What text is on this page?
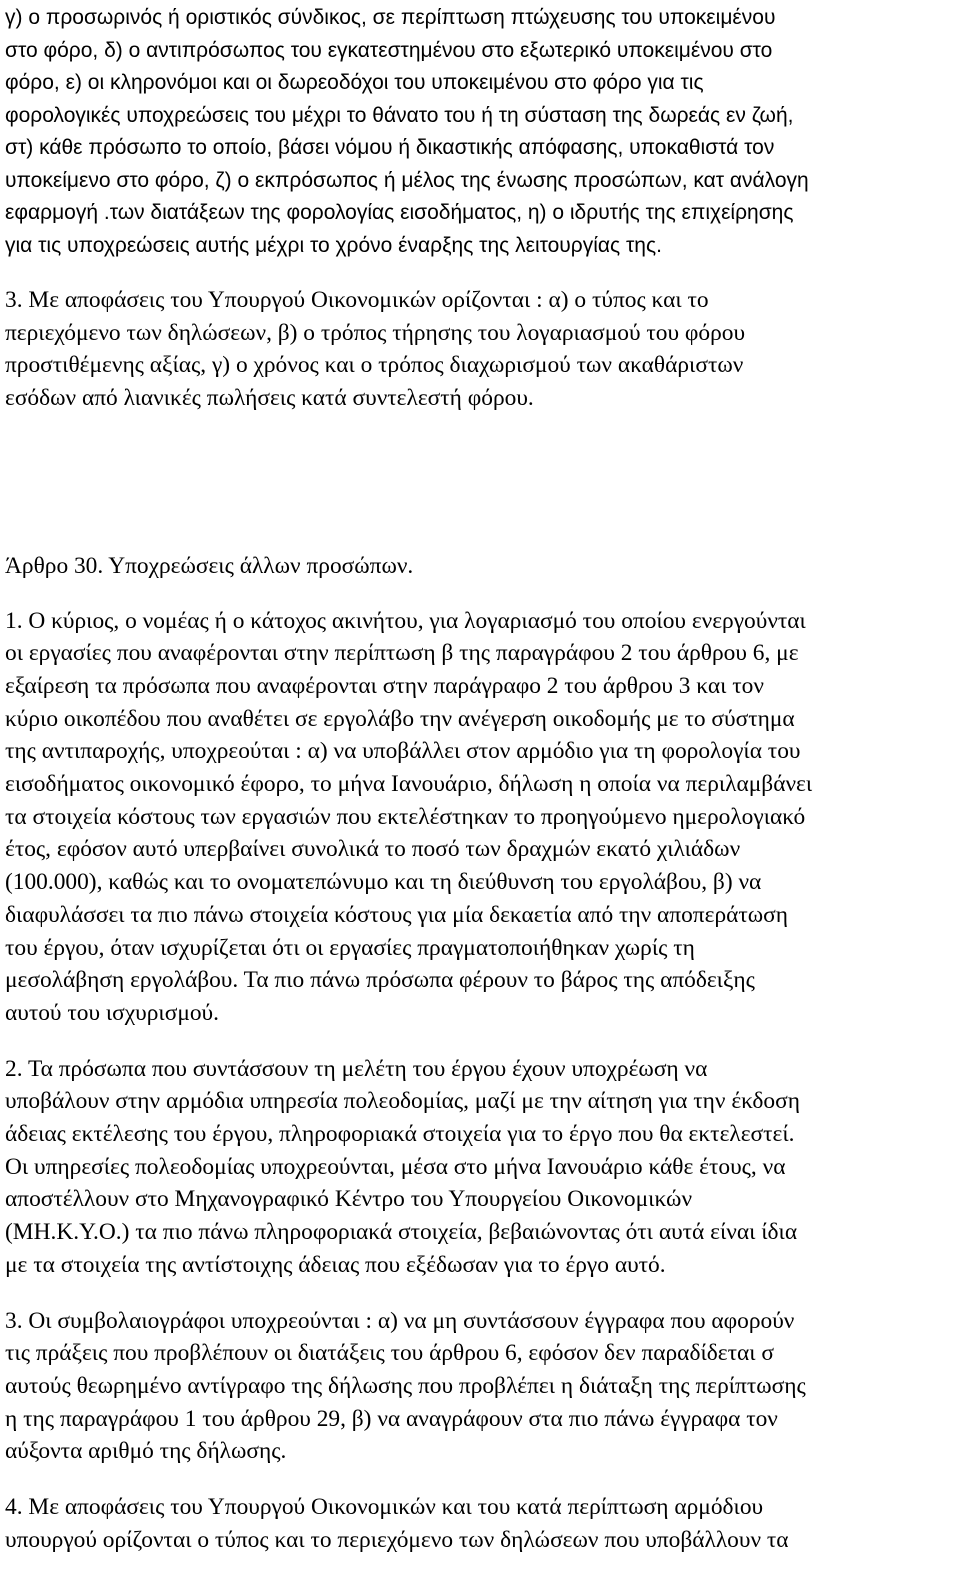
γ) ο προσωρινός ή οριστικός σύνδικος, σε περίπτωση πτώχευσης του υποκειμένου
στο φόρο, δ) ο αντιπρόσωπος του εγκατεστημένου στο εξωτερικό υποκειμένου στο
φόρο, ε) οι κληρονόμοι και οι δωρεοδόχοι του υποκειμένου στο φόρο για τις
φορολογικές υποχρεώσεις του μέχρι το θάνατο του ή τη σύσταση της δωρεάς εν ζωή,
στ) κάθε πρόσωπο το οποίο, βάσει νόμου ή δικαστικής απόφασης, υποκαθιστά τον
υποκείμενο στο φόρο, ζ) ο εκπρόσωπος ή μέλος της ένωσης προσώπων, κατ ανάλογη
εφαρμογή .των διατάξεων της φορολογίας εισοδήματος, η) ο ιδρυτής της επιχείρησης
για τις υποχρεώσεις αυτής μέχρι το χρόνο έναρξης της λειτουργίας της.
3. Με αποφάσεις του Υπουργού Οικονομικών ορίζονται : α) ο τύπος και το
περιεχόμενο των δηλώσεων, β) ο τρόπος τήρησης του λογαριασμού του φόρου
προστιθέμενης αξίας, γ) ο χρόνος και ο τρόπος διαχωρισμού των ακαθάριστων
εσόδων από λιανικές πωλήσεις κατά συντελεστή φόρου.
Άρθρο 30. Υποχρεώσεις άλλων προσώπων.
1. Ο κύριος, ο νομέας ή ο κάτοχος ακινήτου, για λογαριασμό του οποίου ενεργούνται
οι εργασίες που αναφέρονται στην περίπτωση β της παραγράφου 2 του άρθρου 6, με
εξαίρεση τα πρόσωπα που αναφέρονται στην παράγραφο 2 του άρθρου 3 και τον
κύριο οικοπέδου που αναθέτει σε εργολάβο την ανέγερση οικοδομής με το σύστημα
της αντιπαροχής, υποχρεούται : α) να υποβάλλει στον αρμόδιο για τη φορολογία του
εισοδήματος οικονομικό έφορο, το μήνα Ιανουάριο, δήλωση η οποία να περιλαμβάνει
τα στοιχεία κόστους των εργασιών που εκτελέστηκαν το προηγούμενο ημερολογιακό
έτος, εφόσον αυτό υπερβαίνει συνολικά το ποσό των δραχμών εκατό χιλιάδων
(100.000), καθώς και το ονοματεπώνυμο και τη διεύθυνση του εργολάβου, β) να
διαφυλάσσει τα πιο πάνω στοιχεία κόστους για μία δεκαετία από την αποπεράτωση
του έργου, όταν ισχυρίζεται ότι οι εργασίες πραγματοποιήθηκαν χωρίς τη
μεσολάβηση εργολάβου. Τα πιο πάνω πρόσωπα φέρουν το βάρος της απόδειξης
αυτού του ισχυρισμού.
2. Τα πρόσωπα που συντάσσουν τη μελέτη του έργου έχουν υποχρέωση να
υποβάλουν στην αρμόδια υπηρεσία πολεοδομίας, μαζί με την αίτηση για την έκδοση
άδειας εκτέλεσης του έργου, πληροφοριακά στοιχεία για το έργο που θα εκτελεστεί.
Οι υπηρεσίες πολεοδομίας υποχρεούνται, μέσα στο μήνα Ιανουάριο κάθε έτους, να
αποστέλλουν στο Μηχανογραφικό Κέντρο του Υπουργείου Οικονομικών
(ΜΗ.Κ.Υ.Ο.) τα πιο πάνω πληροφοριακά στοιχεία, βεβαιώνοντας ότι αυτά είναι ίδια
με τα στοιχεία της αντίστοιχης άδειας που εξέδωσαν για το έργο αυτό.
3. Οι συμβολαιογράφοι υποχρεούνται : α) να μη συντάσσουν έγγραφα που αφορούν
τις πράξεις που προβλέπουν οι διατάξεις του άρθρου 6, εφόσον δεν παραδίδεται σ
αυτούς θεωρημένο αντίγραφο της δήλωσης που προβλέπει η διάταξη της περίπτωσης
η της παραγράφου 1 του άρθρου 29, β) να αναγράφουν στα πιο πάνω έγγραφα τον
αύξοντα αριθμό της δήλωσης.
4. Με αποφάσεις του Υπουργού Οικονομικών και του κατά περίπτωση αρμόδιου
υπουργού ορίζονται ο τύπος και το περιεχόμενο των δηλώσεων που υποβάλλουν τα
